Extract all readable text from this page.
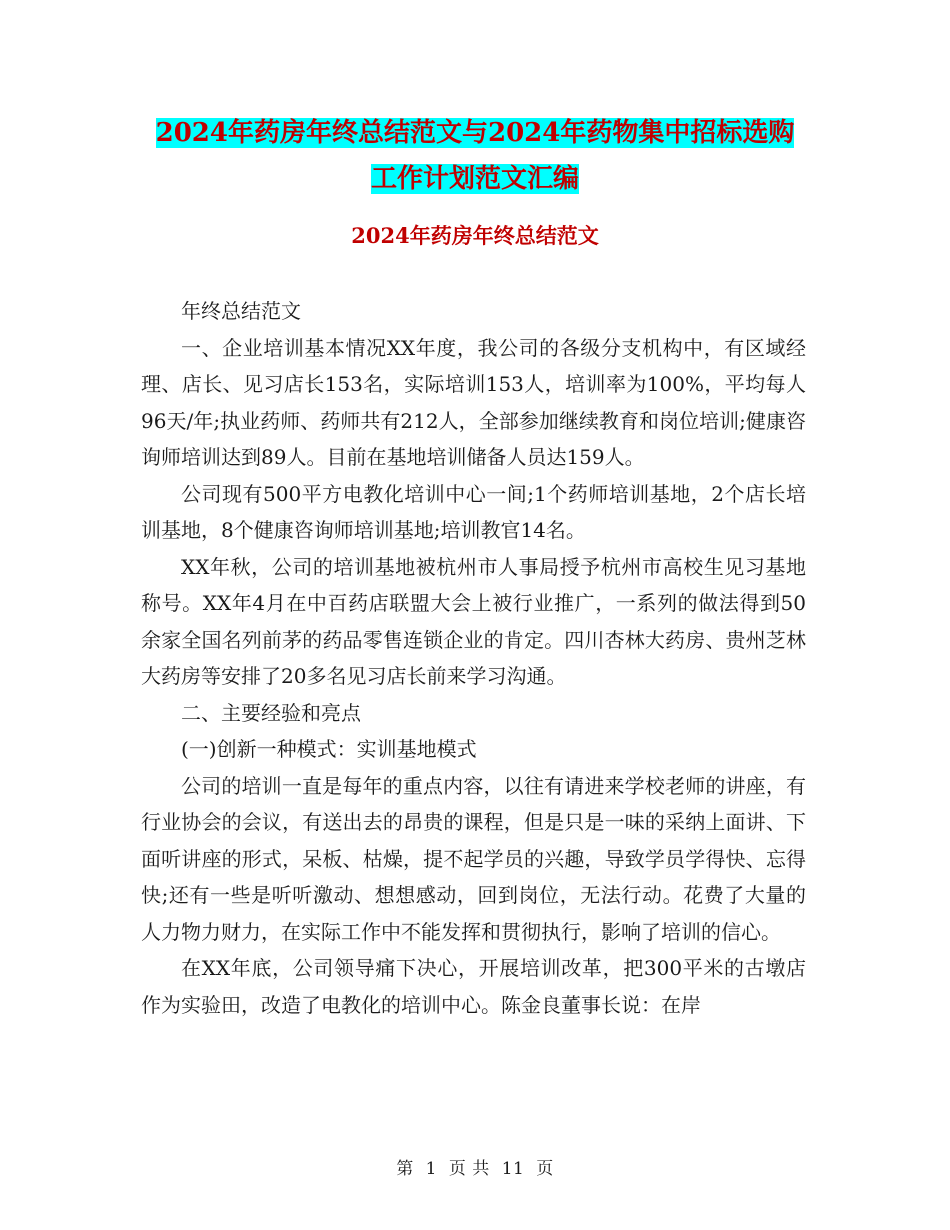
2024年药房年终总结范文与2024年药物集中招标选购
工作计划范文汇编
2024年药房年终总结范文

年终总结范文

一、企业培训基本情况XX年度，我公司的各级分支机构中，有区域经理、店长、见习店长153名，实际培训153人，培训率为100%，平均每人96天/年;执业药师、药师共有212人，全部参加继续教育和岗位培训;健康咨询师培训达到89人。目前在基地培训储备人员达159人。

公司现有500平方电教化培训中心一间;1个药师培训基地，2个店长培训基地，8个健康咨询师培训基地;培训教官14名。

XX年秋，公司的培训基地被杭州市人事局授予杭州市高校生见习基地称号。XX年4月在中百药店联盟大会上被行业推广，一系列的做法得到50余家全国名列前茅的药品零售连锁企业的肯定。四川杏林大药房、贵州芝林大药房等安排了20多名见习店长前来学习沟通。

二、主要经验和亮点

(一)创新一种模式：实训基地模式

公司的培训一直是每年的重点内容，以往有请进来学校老师的讲座，有行业协会的会议，有送出去的昂贵的课程，但是只是一味的采纳上面讲、下面听讲座的形式，呆板、枯燥，提不起学员的兴趣，导致学员学得快、忘得快;还有一些是听听激动、想想感动，回到岗位，无法行动。花费了大量的人力物力财力，在实际工作中不能发挥和贯彻执行，影响了培训的信心。

在XX年底，公司领导痛下决心，开展培训改革，把300平米的古墩店作为实验田，改造了电教化的培训中心。陈金良董事长说：在岸

第 1 页 共 11 页
